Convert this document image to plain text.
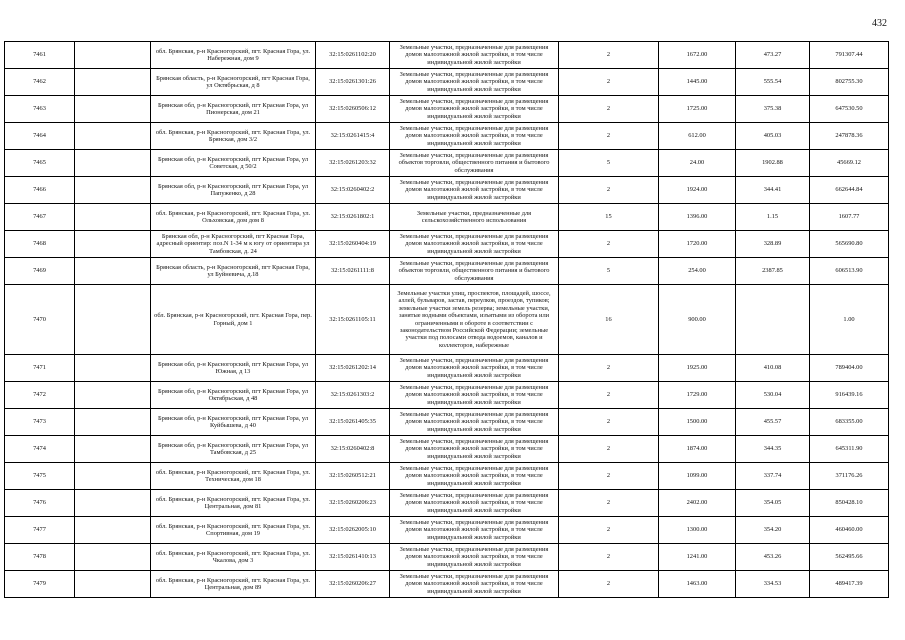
432
7461		обл. Брянская, р-н Красногорский, пгт. Красная Гора, ул. Набережная, дом 9	32:15:0261102:20	Земельные участки, предназначенные для размещения домов малоэтажной жилой застройки, в том числе индивидуальной жилой застройки	2	1672.00	473.27	791307.44
7462		Брянская область, р-н Красногорский, пгт Красная Гора, ул Октябрьская, д 8	32:15:0261301:26	Земельные участки, предназначенные для размещения домов малоэтажной жилой застройки, в том числе индивидуальной жилой застройки	2	1445.00	555.54	802755.30
7463		Брянская обл, р-н Красногорский, пгт Красная Гора, ул Пионерская, дом 21	32:15:0260506:12	Земельные участки, предназначенные для размещения домов малоэтажной жилой застройки, в том числе индивидуальной жилой застройки	2	1725.00	375.38	647530.50
7464		обл. Брянская, р-н Красногорский, пгт. Красная Гора, ул. Брянская, дом 3/2	32:15:0261415:4	Земельные участки, предназначенные для размещения домов малоэтажной жилой застройки, в том числе индивидуальной жилой застройки	2	612.00	405.03	247878.36
7465		Брянская обл, р-н Красногорский, пгт Красная Гора, ул Советская, д 50/2	32:15:0261203:32	Земельные участки, предназначенные для размещения объектов торговли, общественного питания и бытового обслуживания	5	24.00	1902.88	45669.12
7466		Брянская обл, р-н Красногорский, пгт Красная Гора, ул Папуженко, д 28	32:15:0260402:2	Земельные участки, предназначенные для размещения домов малоэтажной жилой застройки, в том числе индивидуальной жилой застройки	2	1924.00	344.41	662644.84
7467		обл. Брянская, р-н Красногорский, пгт. Красная Гора, ул. Ольховская, дом дом 8	32:15:0261802:1	Земельные участки, предназначенные для сельскохозяйственного использования	15	1396.00	1.15	1607.77
7468		Брянская обл, р-н Красногорский, пгт Красная Гора, адресный ориентир: поз.N 1-34 м к югу от ориентира ул Тамбовская, д. 24	32:15:0260404:19	Земельные участки, предназначенные для размещения домов малоэтажной жилой застройки, в том числе индивидуальной жилой застройки	2	1720.00	328.89	565690.80
7469		Брянская область, р-н Красногорский, пгт Красная Гора, ул Буйневича, д.18	32:15:0261111:8	Земельные участки, предназначенные для размещения объектов торговли, общественного питания и бытового обслуживания	5	254.00	2387.85	606513.90
7470		обл. Брянская, р-н Красногорский, пгт. Красная Гора, пер. Горный, дом 1	32:15:0261105:11	Земельные участки улиц, проспектов, площадей, шоссе, аллей, бульваров, застав, переулков, проездов, тупиков; земельные участки земель резерва; земельные участки, занятые водными объектами, изъятыми из оборота или ограниченными в обороте в соответствии с законодательством Российской Федерации; земельные участки под полосами отвода водоемов, каналов и коллекторов, набережные	16	900.00		1.00
7471		Брянская обл, р-н Красногорский, пгт Красная Гора, ул Южная, д 13	32:15:0261202:14	Земельные участки, предназначенные для размещения домов малоэтажной жилой застройки, в том числе индивидуальной жилой застройки	2	1925.00	410.08	789404.00
7472		Брянская обл, р-н Красногорский, пгт Красная Гора, ул Октябрьская, д 48	32:15:0261303:2	Земельные участки, предназначенные для размещения домов малоэтажной жилой застройки, в том числе индивидуальной жилой застройки	2	1729.00	530.04	916439.16
7473		Брянская обл, р-н Красногорский, пгт Красная Гора, ул Куйбышева, д 40	32:15:0261405:35	Земельные участки, предназначенные для размещения домов малоэтажной жилой застройки, в том числе индивидуальной жилой застройки	2	1500.00	455.57	683355.00
7474		Брянская обл, р-н Красногорский, пгт Красная Гора, ул Тамбовская, д 25	32:15:0260402:8	Земельные участки, предназначенные для размещения домов малоэтажной жилой застройки, в том числе индивидуальной жилой застройки	2	1874.00	344.35	645311.90
7475		обл. Брянская, р-н Красногорский, пгт. Красная Гора, ул. Техническая, дом 18	32:15:0260512:21	Земельные участки, предназначенные для размещения домов малоэтажной жилой застройки, в том числе индивидуальной жилой застройки	2	1099.00	337.74	371176.26
7476		обл. Брянская, р-н Красногорский, пгт. Красная Гора, ул. Центральная, дом 81	32:15:0260206:23	Земельные участки, предназначенные для размещения домов малоэтажной жилой застройки, в том числе индивидуальной жилой застройки	2	2402.00	354.05	850428.10
7477		обл. Брянская, р-н Красногорский, пгт. Красная Гора, ул. Спортивная, дом 19	32:15:0262005:10	Земельные участки, предназначенные для размещения домов малоэтажной жилой застройки, в том числе индивидуальной жилой застройки	2	1300.00	354.20	460460.00
7478		обл. Брянская, р-н Красногорский, пгт. Красная Гора, ул. Чкалова, дом 3	32:15:0261410:13	Земельные участки, предназначенные для размещения домов малоэтажной жилой застройки, в том числе индивидуальной жилой застройки	2	1241.00	453.26	562495.66
7479		обл. Брянская, р-н Красногорский, пгт. Красная Гора, ул. Центральная, дом 89	32:15:0260206:27	Земельные участки, предназначенные для размещения домов малоэтажной жилой застройки, в том числе индивидуальной жилой застройки	2	1463.00	334.53	489417.39
